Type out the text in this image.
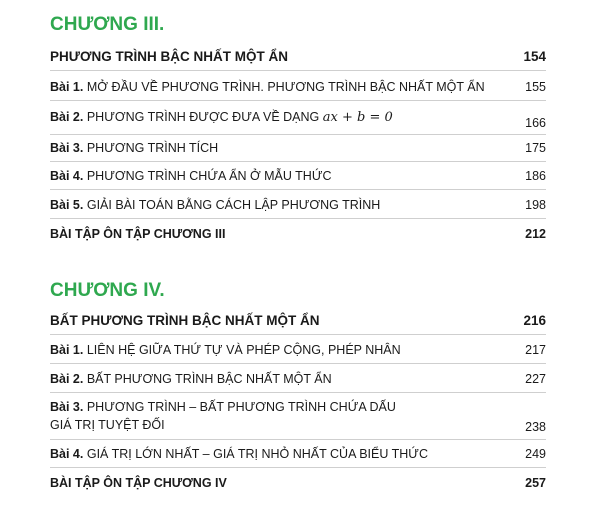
CHƯƠNG III.
PHƯƠNG TRÌNH BẬC NHẤT MỘT ẨN	154
Bài 1. MỞ ĐẦU VỀ PHƯƠNG TRÌNH. PHƯƠNG TRÌNH BẬC NHẤT MỘT ẨN	155
Bài 2. PHƯƠNG TRÌNH ĐƯỢC ĐƯA VỀ DẠNG ax + b = 0	166
Bài 3. PHƯƠNG TRÌNH TÍCH	175
Bài 4. PHƯƠNG TRÌNH CHỨA ẨN Ở MẪU THỨC	186
Bài 5. GIẢI BÀI TOÁN BẰNG CÁCH LẬP PHƯƠNG TRÌNH	198
BÀI TẬP ÔN TẬP CHƯƠNG III	212
CHƯƠNG IV.
BẤT PHƯƠNG TRÌNH BẬC NHẤT MỘT ẨN	216
Bài 1. LIÊN HỆ GIỮA THỨ TỰ VÀ PHÉP CỘNG, PHÉP NHÂN	217
Bài 2. BẤT PHƯƠNG TRÌNH BẬC NHẤT MỘT ẨN	227
Bài 3. PHƯƠNG TRÌNH – BẤT PHƯƠNG TRÌNH CHỨA DẤU
GIÁ TRỊ TUYỆT ĐỐI	238
Bài 4. GIÁ TRỊ LỚN NHẤT – GIÁ TRỊ NHỎ NHẤT CỦA BIỂU THỨC	249
BÀI TẬP ÔN TẬP CHƯƠNG IV	257
